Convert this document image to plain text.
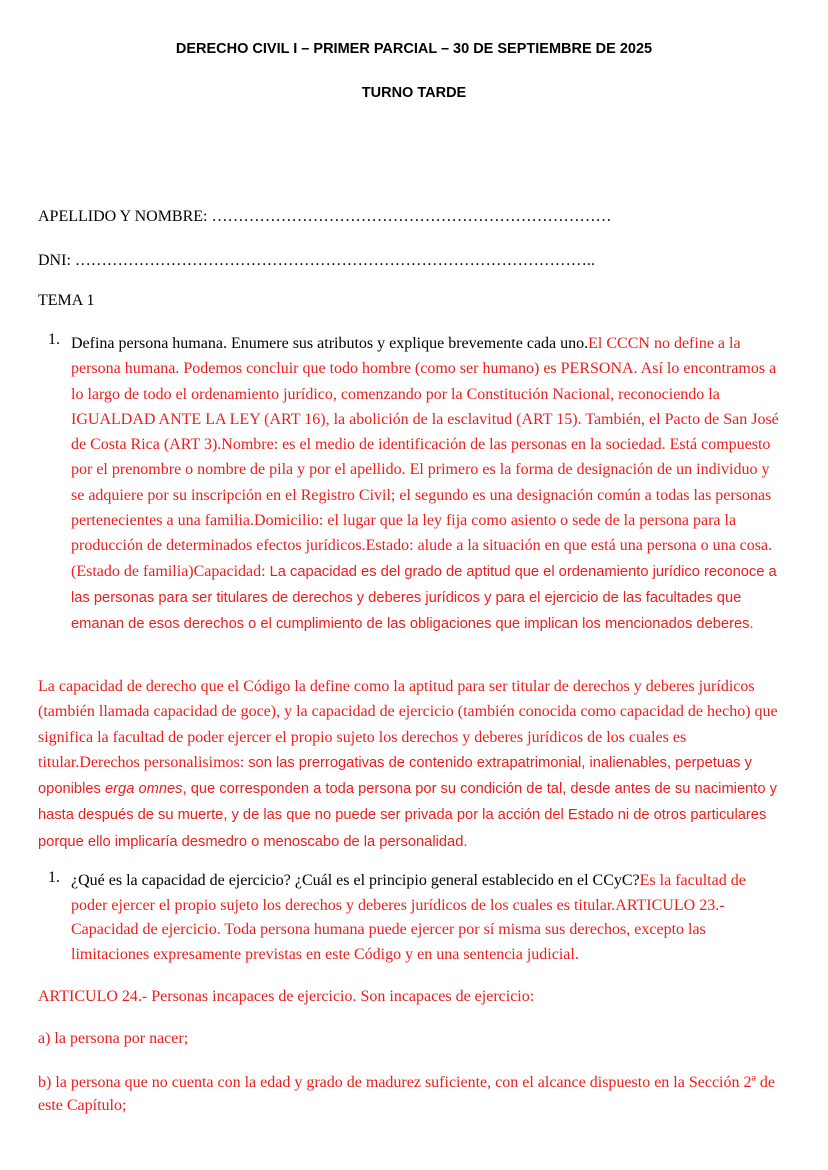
DERECHO CIVIL I – PRIMER PARCIAL – 30 DE SEPTIEMBRE DE 2025
TURNO TARDE
APELLIDO Y NOMBRE: …………………………………………………………………
DNI: ……………………………………………………………………………………..
TEMA 1
1. Defina persona humana. Enumere sus atributos y explique brevemente cada uno.El CCCN no define a la persona humana. Podemos concluir que todo hombre (como ser humano) es PERSONA. Así lo encontramos a lo largo de todo el ordenamiento jurídico, comenzando por la Constitución Nacional, reconociendo la IGUALDAD ANTE LA LEY (ART 16), la abolición de la esclavitud (ART 15). También, el Pacto de San José de Costa Rica (ART 3).Nombre: es el medio de identificación de las personas en la sociedad. Está compuesto por el prenombre o nombre de pila y por el apellido. El primero es la forma de designación de un individuo y se adquiere por su inscripción en el Registro Civil; el segundo es una designación común a todas las personas pertenecientes a una familia.Domicilio: el lugar que la ley fija como asiento o sede de la persona para la producción de determinados efectos jurídicos.Estado: alude a la situación en que está una persona o una cosa. (Estado de familia)Capacidad: La capacidad es del grado de aptitud que el ordenamiento jurídico reconoce a las personas para ser titulares de derechos y deberes jurídicos y para el ejercicio de las facultades que emanan de esos derechos o el cumplimiento de las obligaciones que implican los mencionados deberes.
La capacidad de derecho que el Código la define como la aptitud para ser titular de derechos y deberes jurídicos (también llamada capacidad de goce), y la capacidad de ejercicio (también conocida como capacidad de hecho) que significa la facultad de poder ejercer el propio sujeto los derechos y deberes jurídicos de los cuales es titular.Derechos personalisimos: son las prerrogativas de contenido extrapatrimonial, inalienables, perpetuas y oponibles erga omnes, que corresponden a toda persona por su condición de tal, desde antes de su nacimiento y hasta después de su muerte, y de las que no puede ser privada por la acción del Estado ni de otros particulares porque ello implicaría desmedro o menoscabo de la personalidad.
1. ¿Qué es la capacidad de ejercicio? ¿Cuál es el principio general establecido en el CCyC?Es la facultad de poder ejercer el propio sujeto los derechos y deberes jurídicos de los cuales es titular.ARTICULO 23.- Capacidad de ejercicio. Toda persona humana puede ejercer por sí misma sus derechos, excepto las limitaciones expresamente previstas en este Código y en una sentencia judicial.
ARTICULO 24.- Personas incapaces de ejercicio. Son incapaces de ejercicio:
a) la persona por nacer;
b) la persona que no cuenta con la edad y grado de madurez suficiente, con el alcance dispuesto en la Sección 2ª de este Capítulo;
